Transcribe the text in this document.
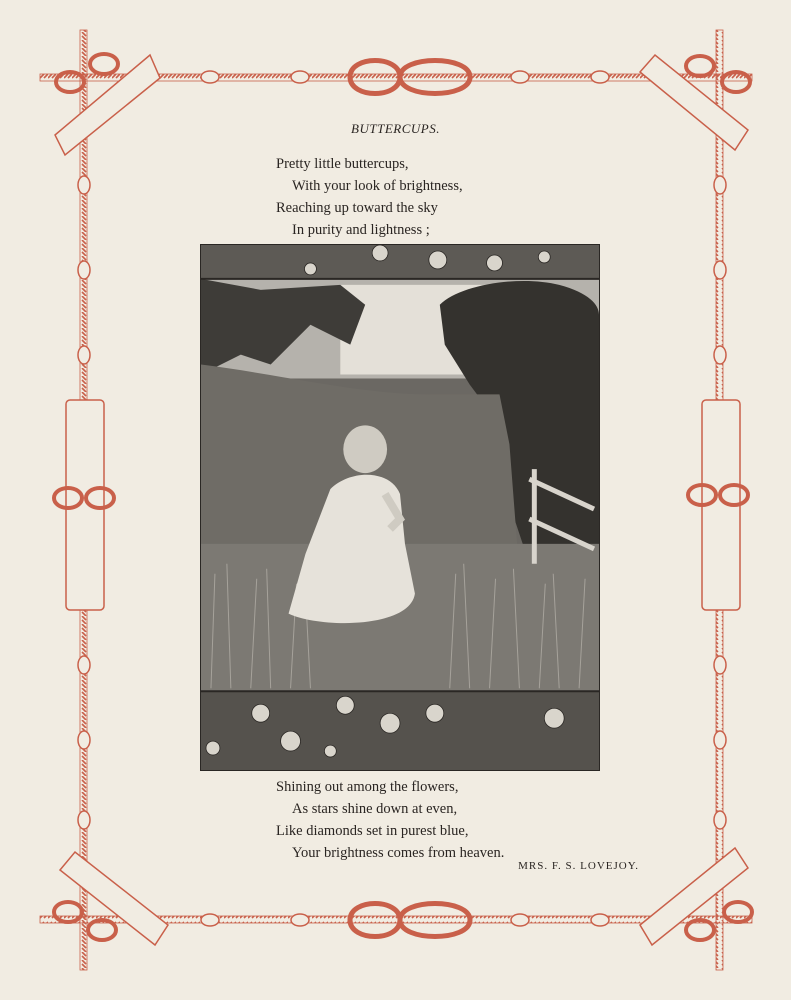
BUTTERCUPS.
Pretty little buttercups,
With your look of brightness,
Reaching up toward the sky
In purity and lightness ;
Shining out among the flowers,
As stars shine down at even,
Like diamonds set in purest blue,
Your brightness comes from heaven.
MRS. F. S. LOVEJOY.
